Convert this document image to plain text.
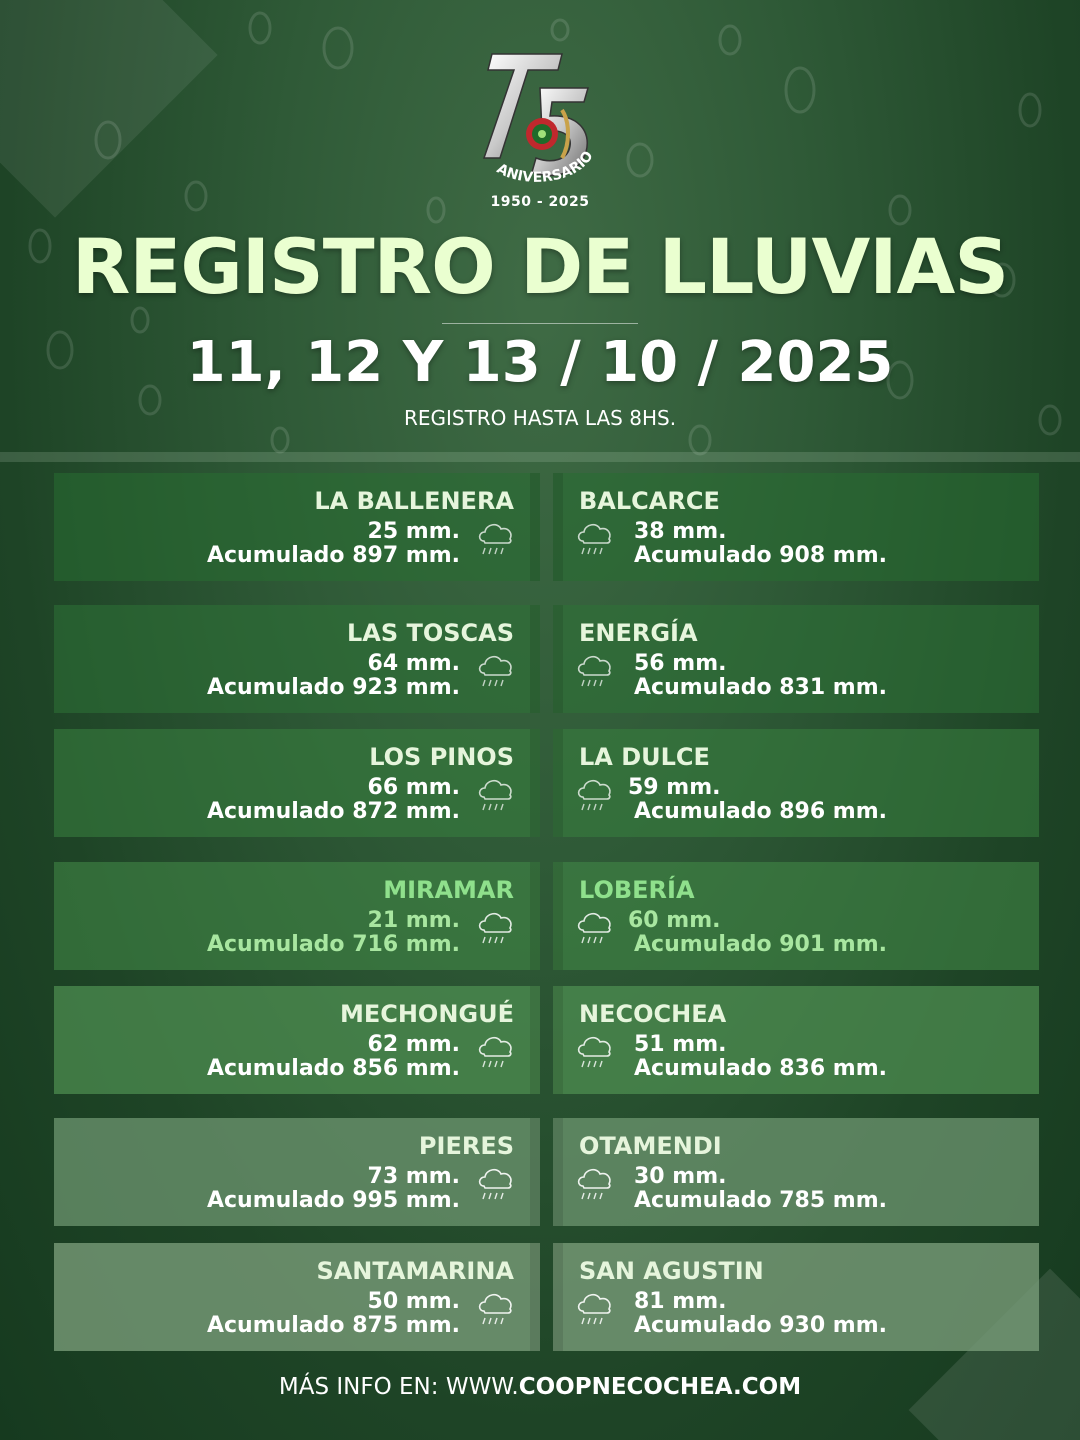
ANIVERSARIO
1950 - 2025
REGISTRO DE LLUVIAS
11, 12 Y 13 / 10 / 2025
REGISTRO HASTA LAS 8HS.
LA BALLENERA
25 mm.
Acumulado 897 mm.
BALCARCE
38 mm.
Acumulado 908 mm.
LAS TOSCAS
64 mm.
Acumulado 923 mm.
ENERGÍA
56 mm.
Acumulado 831 mm.
LOS PINOS
66 mm.
Acumulado 872 mm.
LA DULCE
59 mm.
Acumulado 896 mm.
MIRAMAR
21 mm.
Acumulado 716 mm.
LOBERÍA
60 mm.
Acumulado 901 mm.
MECHONGUÉ
62 mm.
Acumulado 856 mm.
NECOCHEA
51 mm.
Acumulado 836 mm.
PIERES
73 mm.
Acumulado 995 mm.
OTAMENDI
30 mm.
Acumulado 785 mm.
SANTAMARINA
50 mm.
Acumulado 875 mm.
SAN AGUSTIN
81 mm.
Acumulado 930 mm.
MÁS INFO EN: WWW.COOPNECOCHEA.COM
